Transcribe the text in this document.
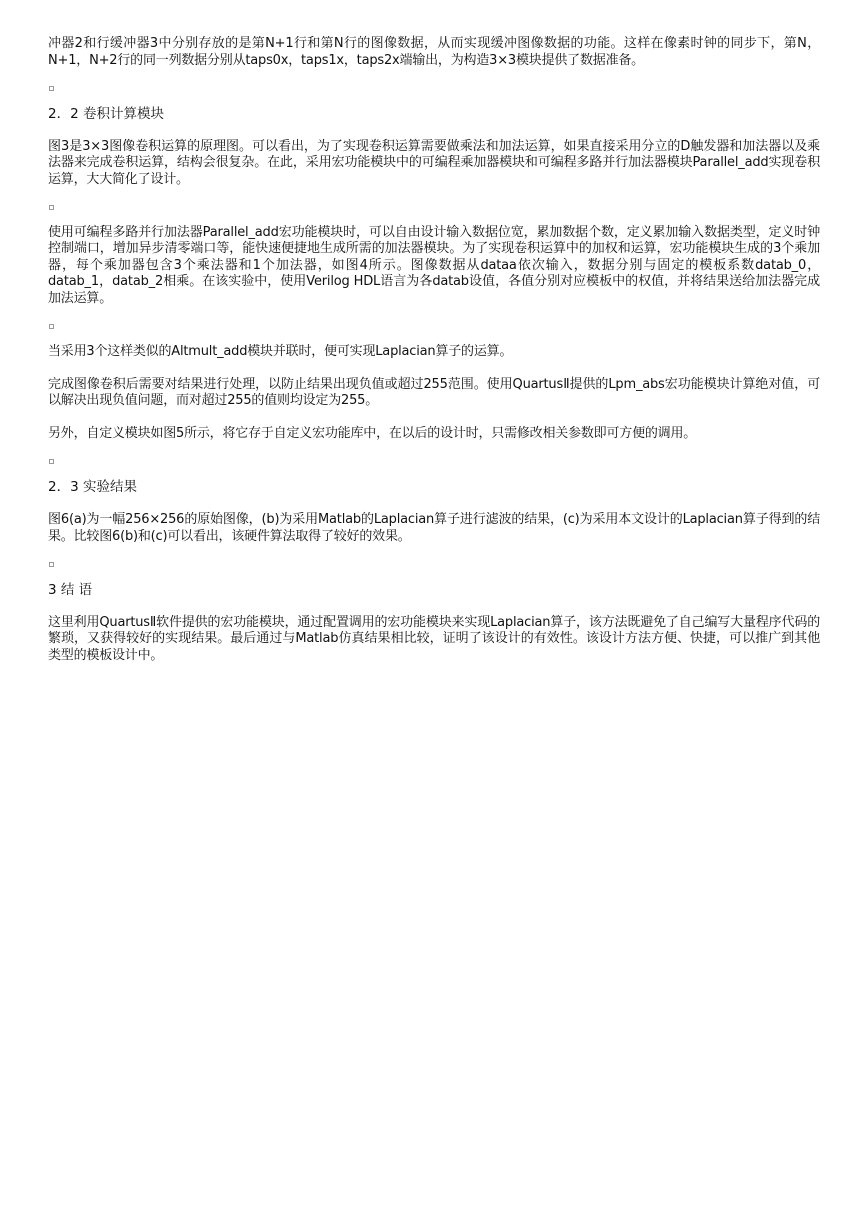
冲器2和行缓冲器3中分别存放的是第N+1行和第N行的图像数据，从而实现缓冲图像数据的功能。这样在像素时钟的同步下，第N，N+1，N+2行的同一列数据分别从taps0x，taps1x，taps2x端输出，为构造3×3模块提供了数据准备。

2．2 卷积计算模块

图3是3×3图像卷积运算的原理图。可以看出，为了实现卷积运算需要做乘法和加法运算，如果直接采用分立的D触发器和加法器以及乘法器来完成卷积运算，结构会很复杂。在此，采用宏功能模块中的可编程乘加器模块和可编程多路并行加法器模块Parallel_add实现卷积运算，大大简化了设计。

使用可编程多路并行加法器Parallel_add宏功能模块时，可以自由设计输入数据位宽，累加数据个数，定义累加输入数据类型，定义时钟控制端口，增加异步清零端口等，能快速便捷地生成所需的加法器模块。为了实现卷积运算中的加权和运算，宏功能模块生成的3个乘加器，每个乘加器包含3个乘法器和1个加法器，如图4所示。图像数据从dataa依次输入，数据分别与固定的模板系数datab_0，datab_1，datab_2相乘。在该实验中，使用Verilog HDL语言为各datab设值，各值分别对应模板中的权值，并将结果送给加法器完成加法运算。

当采用3个这样类似的Altmult_add模块并联时，便可实现Laplacian算子的运算。

完成图像卷积后需要对结果进行处理，以防止结果出现负值或超过255范围。使用QuartusⅡ提供的Lpm_abs宏功能模块计算绝对值，可以解决出现负值问题，而对超过255的值则均设定为255。

另外，自定义模块如图5所示，将它存于自定义宏功能库中，在以后的设计时，只需修改相关参数即可方便的调用。

2．3 实验结果

图6(a)为一幅256×256的原始图像，(b)为采用Matlab的Laplacian算子进行滤波的结果，(c)为采用本文设计的Laplacian算子得到的结果。比较图6(b)和(c)可以看出，该硬件算法取得了较好的效果。

3 结 语

这里利用QuartusⅡ软件提供的宏功能模块，通过配置调用的宏功能模块来实现Laplacian算子，该方法既避免了自己编写大量程序代码的繁琐，又获得较好的实现结果。最后通过与Matlab仿真结果相比较，证明了该设计的有效性。该设计方法方便、快捷，可以推广到其他类型的模板设计中。
